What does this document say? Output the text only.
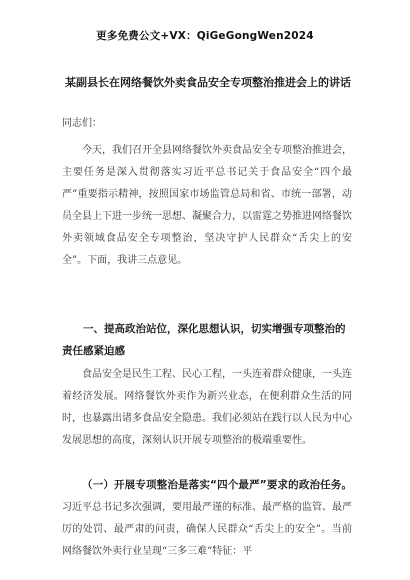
更多免费公文+VX：QiGeGongWen2024
某副县长在网络餐饮外卖食品安全专项整治推进会上的讲话
同志们：
今天，我们召开全县网络餐饮外卖食品安全专项整治推进会，主要任务是深入贯彻落实习近平总书记关于食品安全“四个最严”重要指示精神，按照国家市场监管总局和省、市统一部署，动员全县上下进一步统一思想、凝聚合力，以雷霆之势推进网络餐饮外卖领域食品安全专项整治，坚决守护人民群众“舌尖上的安全”。下面，我讲三点意见。
一、提高政治站位，深化思想认识，切实增强专项整治的责任感紧迫感
食品安全是民生工程、民心工程，一头连着群众健康，一头连着经济发展。网络餐饮外卖作为新兴业态，在便利群众生活的同时，也暴露出诸多食品安全隐患。我们必须站在践行以人民为中心发展思想的高度，深刻认识开展专项整治的极端重要性。
（一）开展专项整治是落实“四个最严”要求的政治任务。习近平总书记多次强调，要用最严谨的标准、最严格的监管、最严厉的处罚、最严肃的问责，确保人民群众“舌尖上的安全”。当前网络餐饮外卖行业呈现“三多三难”特征：平
